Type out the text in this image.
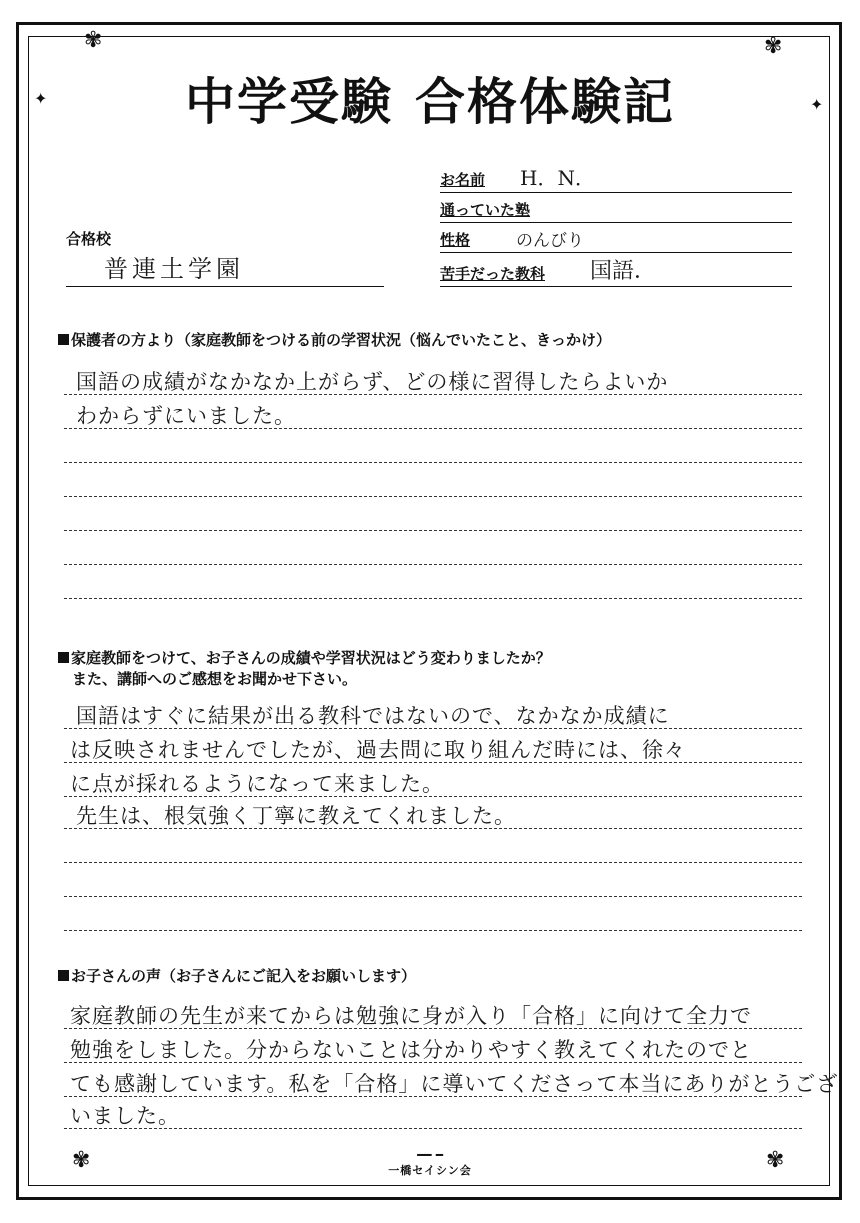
✾	✾
✾	✾
✦	✦
中学受験 合格体験記
お名前 H．N．
通っていた塾
性格	のんびり
苦手だった教科 国語．
合格校
普連土学園
保護者の方より（家庭教師をつける前の学習状況（悩んでいたこと、きっかけ）
国語の成績がなかなか上がらず、どの様に習得したらよいか
わからずにいました。
家庭教師をつけて、お子さんの成績や学習状況はどう変わりましたか？
また、講師へのご感想をお聞かせ下さい。
国語はすぐに結果が出る教科ではないので、なかなか成績に
は反映されませんでしたが、過去問に取り組んだ時には、徐々
に点が採れるようになって来ました。
先生は、根気強く丁寧に教えてくれました。
お子さんの声（お子さんにご記入をお願いします）
家庭教師の先生が来てからは勉強に身が入り「合格」に向けて全力で
勉強をしました。分からないことは分かりやすく教えてくれたのでと
ても感謝しています。私を「合格」に導いてくださって本当にありがとうござ
いました。
━━ ━
一橋セイシン会
